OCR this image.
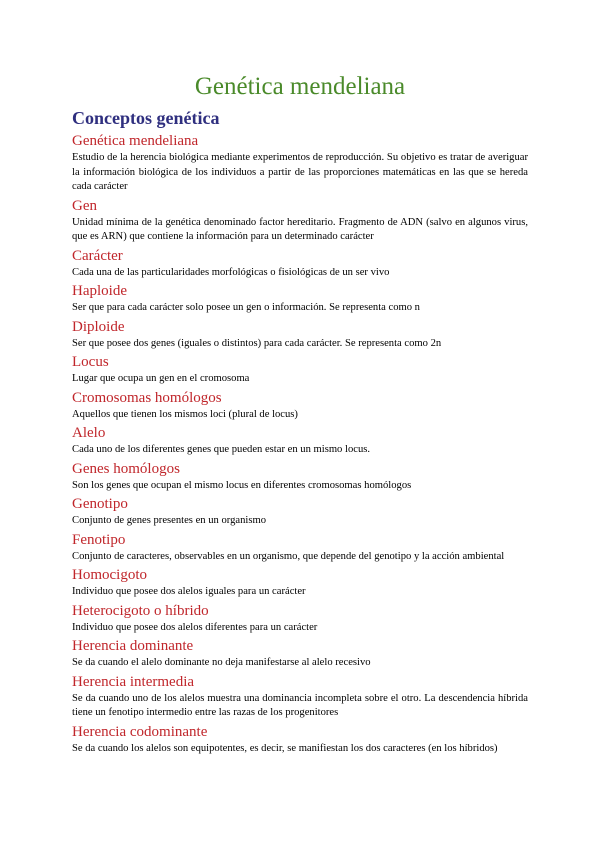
Genética mendeliana
Conceptos genética
Genética mendeliana

Estudio de la herencia biológica mediante experimentos de reproducción. Su objetivo es tratar de averiguar la información biológica de los individuos a partir de las proporciones matemáticas en las que se hereda cada carácter

Gen

Unidad mínima de la genética denominado factor hereditario. Fragmento de ADN (salvo en algunos virus, que es ARN) que contiene la información para un determinado carácter

Carácter

Cada una de las particularidades morfológicas o fisiológicas de un ser vivo

Haploide

Ser que para cada carácter solo posee un gen o información. Se representa como n

Diploide

Ser que posee dos genes (iguales o distintos) para cada carácter. Se representa como 2n

Locus

Lugar que ocupa un gen en el cromosoma

Cromosomas homólogos

Aquellos que tienen los mismos loci (plural de locus)

Alelo

Cada uno de los diferentes genes que pueden estar en un mismo locus.

Genes homólogos

Son los genes que ocupan el mismo locus en diferentes cromosomas homólogos

Genotipo

Conjunto de genes presentes en un organismo

Fenotipo

Conjunto de caracteres, observables en un organismo, que depende del genotipo y la acción ambiental

Homocigoto

Individuo que posee dos alelos iguales para un carácter

Heterocigoto o híbrido

Individuo que posee dos alelos diferentes para un carácter

Herencia dominante

Se da cuando el alelo dominante no deja manifestarse al alelo recesivo

Herencia intermedia

Se da cuando uno de los alelos muestra una dominancia incompleta sobre el otro. La descendencia híbrida tiene un fenotipo intermedio entre las razas de los progenitores

Herencia codominante

Se da cuando los alelos son equipotentes, es decir, se manifiestan los dos caracteres (en los híbridos)
